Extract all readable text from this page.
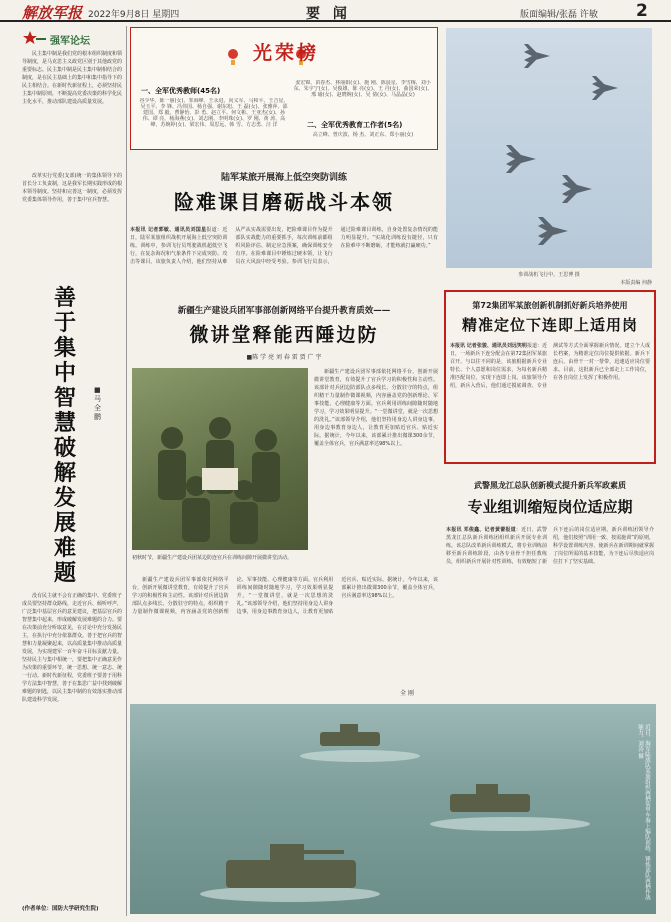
解放军报 2022年9月8日 星期四	要 闻	版面编辑/张磊 许敏 2
强军论坛

民主集中制是我们党的根本组织制度和领导制度，是马克思主义政党区别于其他政党的重要标志。民主集中制是民主集中制相结合的制度，是在民主基础上的集中和集中指导下的民主相结合。在新时代新征程上，必须坚持民主集中制原则，不断提高党委决策的科学化民主化水平，推动部队建设高质量发展。

改革实行党委(支部)统一的集体领导下的首长分工负责制，这是我军长期实践形成的根本领导制度。坚持和完善这一制度，必须发挥党委集体领导作用，善于集中官兵智慧。

善于集中智慧破解发展难题
■马 全 鹏

没有民主就不会有正确的集中。党委班子成员要坚持群众路线，走近官兵、倾听呼声，广泛集中基层官兵的意见建议，把基层官兵的智慧集中起来，形成破解发展难题的合力。要在决策前充分听取意见，在讨论中充分发扬民主，在执行中充分依靠群众。善于把官兵的智慧和力量凝聚起来，以高质量集中推动高质量发展，为实现建军一百年奋斗目标贡献力量。坚持民主与集中相统一，要把集中正确意见作为决策的重要环节，统一思想、统一意志、统一行动。新时代新征程，党委班子要善于用科学方法集中智慧，善于在集思广益中找到破解难题的钥匙，以民主集中制的有效落实推动部队建设科学发展。

(作者单位：国防大学研究生院)
光荣榜
一、全军优秀教师(45名)
谷少华、陈一丽(女)、邹海峰、王永进、向义军、马和平、王吉星、吴玉平、李 锋、冯伟国、杨自强、谢东旭、王 磊(女)、张雅萍、邵建国、郑 毅、曹静怡、彭 勇、赵立平、何文彬、王亚杰(女)、孙 伟、谭 亮、杨海燕(女)、刘志刚、李明珠(女)、罗 刚、黄 涛、高 峰、苏婉婷(女)、梁宏伟、周思远、韩 雪、方志勇、汪 洋
姜宏锦、苗春杰、林丽娟(女)、施 刚、陈晨星、李雪梅、刘小东、朱宇宁(女)、吴俊雄、陈 亮(女)、王 丹(女)、曲国荣(女)、邢 瑜(女)、赵晓婉(女)、吴 倩(女)、马晶晶(女)
二、全军优秀教育工作者(5名)
高立峰、曾庆波、杨 杰、刘正东、郑小丽(女)
陆军某旅开展海上低空突防训练
险难课目磨砺战斗本领
本报讯 记者郭敏、通讯员刘国星报道：近日，陆军某旅组织战机开展海上低空突防训练。训练中，参训飞行员驾驶战机超低空飞行，在复杂海况和气象条件下完成突防、攻击等课目。该旅负责人介绍，他们坚持从难从严从实战需要出发，把险难课目作为提升部队实战能力的重要抓手，每次训练前都组织风险评估、制定应急预案，确保训练安全有序。在险难课目中锤炼过硬本领，让飞行员在大风浪中经受考验。参训飞行员表示，通过险难课目训练，自身处置复杂情况的能力明显提升。“实战化训练没有捷径，只有在险难中不断磨砺，才能练就打赢硬功。”
参训战机飞行中。王思博 摄
本版责编 何静
新疆生产建设兵团军事部创新网络平台提升教育质效——
微讲堂释能西陲边防
■陈 学 亮 刘 春 雷 贾 广 宇
初秋时节，新疆生产建设兵团某边防连官兵在训练间隙开展微讲堂活动。

新疆生产建设兵团军事部依托网络平台，创新开展微讲堂教育，有效提升了官兵学习的积极性和主动性。该部针对兵团边防部队点多线长、分散驻守的特点，组织精干力量制作微课视频，内容涵盖党的创新理论、军事技能、心理健康等方面。官兵利用训练间隙随时随地学习，学习效果明显提升。“一堂微讲堂，就是一次思想的洗礼。”该部领导介绍，他们坚持用身边人讲身边事，用身边事教育身边人，让教育更加贴近官兵、贴近实际。据统计，今年以来，该部累计推出微课300余节，覆盖全体官兵，官兵满意率达98%以上。

新疆生产建设兵团军事部依托网络平台，创新开展微讲堂教育，有效提升了官兵学习的积极性和主动性。该部针对兵团边防部队点多线长、分散驻守的特点，组织精干力量制作微课视频，内容涵盖党的创新理论、军事技能、心理健康等方面。官兵利用训练间隙随时随地学习，学习效果明显提升。“一堂微讲堂，就是一次思想的洗礼。”该部领导介绍，他们坚持用身边人讲身边事，用身边事教育身边人，让教育更加贴近官兵、贴近实际。据统计，今年以来，该部累计推出微课300余节，覆盖全体官兵，官兵满意率达98%以上。

全 刚
第72集团军某旅创新机制抓好新兵培养使用
精准定位下连即上适用岗
本报讯 记者张骏、通讯员刘远笑明报道：近日，一场新兵下连分配会在第72集团军某旅召开。与以往不同的是，该旅根据新兵专业特长、个人意愿和岗位需求，为每名新兵精准匹配岗位，实现下连即上岗。该旅领导介绍，新兵入营后，他们通过摸底调查、专业测试等方式全面掌握新兵情况，建立个人成长档案，为精准定位岗位提供依据。新兵下连后，由骨干一对一帮带，迅速适应岗位要求。目前，这批新兵已全部走上工作岗位，在各自岗位上发挥了积极作用。
武警黑龙江总队创新模式提升新兵军政素质
专业组训缩短岗位适应期
本报讯 邓俊鑫、记者黄蕾报道：近日，武警黑龙江总队新兵训练团组织新兵开展专业训练。该总队改革新兵训练模式，将专业训练前移至新兵训练阶段，由各专业骨干担任教练员，组织新兵开展针对性训练，有效缩短了新兵下连后的岗位适应期。新兵训练团领导介绍，他们按照“训用一致、按需施训”的原则，科学设置训练内容，使新兵在新训期间就掌握了岗位所需的基本技能，为下连后尽快适应岗位打下了坚实基础。
近日，海军陆战队某旅组织两栖装甲车海上编队训练，锤炼部队两栖作战能力。刘涛 摄
